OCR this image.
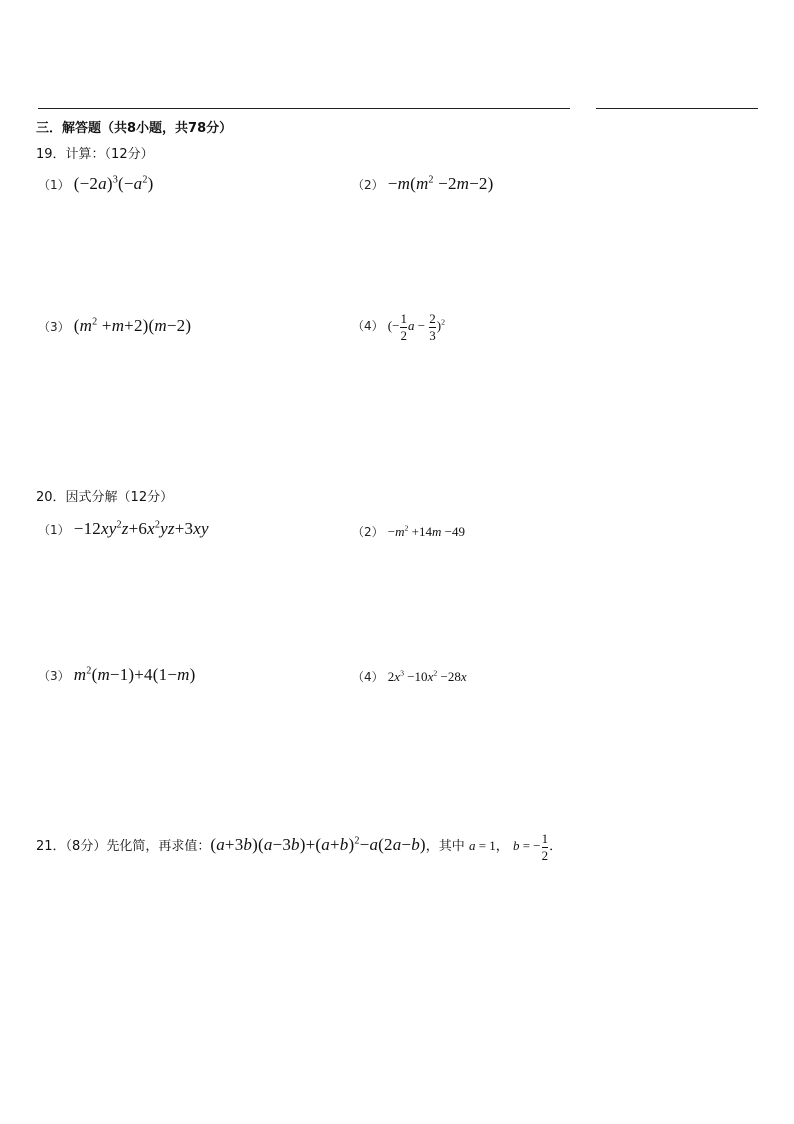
三．解答题（共8小题，共78分）
19．计算：（12分）
（1） $(-2a)^3(-a^2)$	$(2) -m(m^2 -2m-2)$
（3） $(m^2 +m+2)(m-2)$	（4） (− $\frac{1}{2}$ $a - \frac{2}{3} )^2$
20．因式分解（12分）
$(1) -12xy^2z+6x^2yz+3xy$	$(2) -m^2 +14m -49$
（3） $m^2(m-1)+4(1-m)$	（4） $2x^3 -10x^2 -28x$
21．（8分）先化简，再求值：$(a+3b)(a-3b)+(a+b)^2-a(2a-b)$，其中 a = 1， b = − $\frac{1}{2}$ ．
